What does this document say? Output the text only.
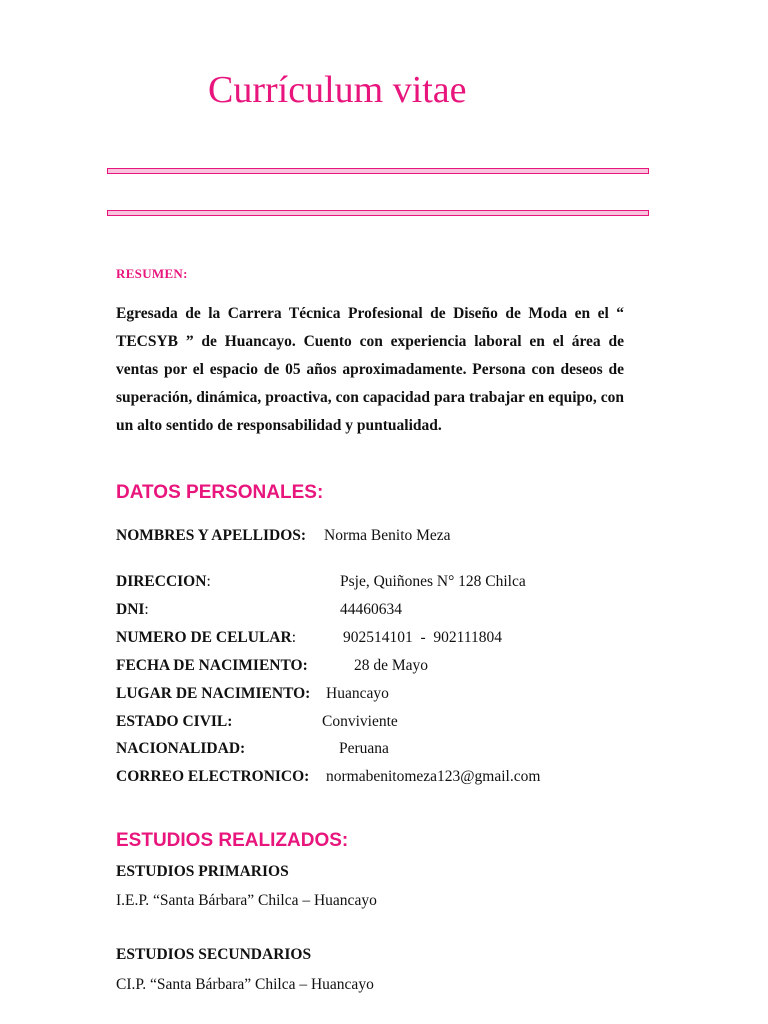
Currículum vitae
RESUMEN:
Egresada de la Carrera Técnica Profesional de Diseño de Moda en el “ TECSYB ” de Huancayo. Cuento con experiencia laboral en el área de ventas por el espacio de 05 años aproximadamente. Persona con deseos de superación, dinámica, proactiva, con capacidad para trabajar en equipo, con un alto sentido de responsabilidad y puntualidad.
DATOS PERSONALES:
NOMBRES Y APELLIDOS: Norma Benito Meza
DIRECCION:	Psje, Quiñones N° 128 Chilca
DNI:	44460634
NUMERO DE CELULAR:	902514101  -  902111804
FECHA DE NACIMIENTO:	28 de Mayo
LUGAR DE NACIMIENTO: Huancayo
ESTADO CIVIL:	Conviviente
NACIONALIDAD:	Peruana
CORREO ELECTRONICO: normabenitomeza123@gmail.com
ESTUDIOS REALIZADOS:
ESTUDIOS PRIMARIOS
I.E.P. “Santa Bárbara” Chilca – Huancayo
ESTUDIOS SECUNDARIOS
CI.P. “Santa Bárbara” Chilca – Huancayo
